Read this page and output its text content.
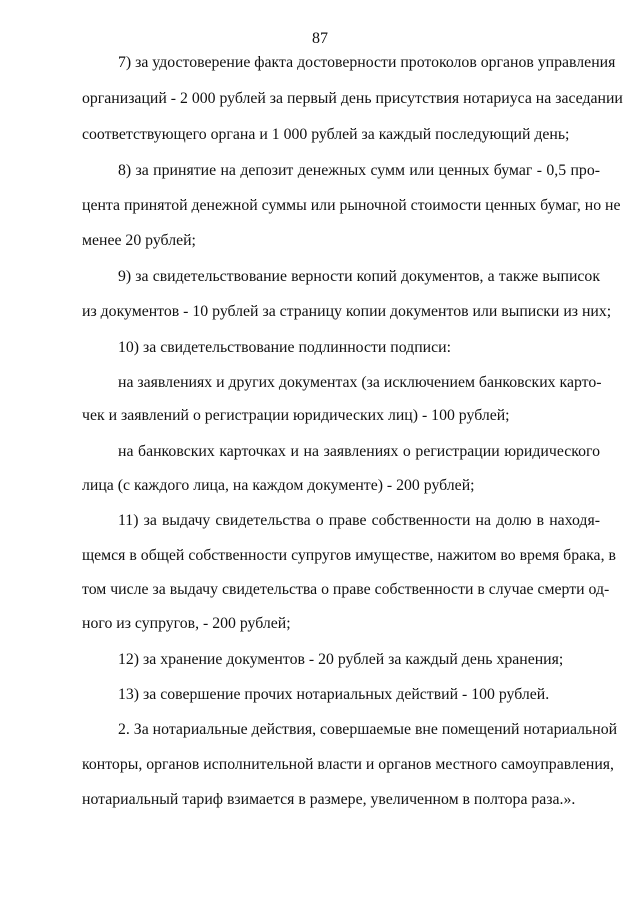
87
7) за удостоверение факта достоверности протоколов органов управления
организаций - 2 000 рублей за первый день присутствия нотариуса на заседании
соответствующего органа и 1 000 рублей за каждый последующий день;
8) за принятие на депозит денежных сумм или ценных бумаг - 0,5 про-
цента принятой денежной суммы или рыночной стоимости ценных бумаг, но не
менее 20 рублей;
9) за свидетельствование верности копий документов, а также выписок
из документов - 10 рублей за страницу копии документов или выписки из них;
10) за свидетельствование подлинности подписи:
на заявлениях и других документах (за исключением банковских карто-
чек и заявлений о регистрации юридических лиц) - 100 рублей;
на банковских карточках и на заявлениях о регистрации юридического
лица (с каждого лица, на каждом документе) - 200 рублей;
11) за выдачу свидетельства о праве собственности на долю в находя-
щемся в общей собственности супругов имуществе, нажитом во время брака, в
том числе за выдачу свидетельства о праве собственности в случае смерти од-
ного из супругов, - 200 рублей;
12) за хранение документов - 20 рублей за каждый день хранения;
13) за совершение прочих нотариальных действий - 100 рублей.
2. За нотариальные действия, совершаемые вне помещений нотариальной
конторы, органов исполнительной власти и органов местного самоуправления,
нотариальный тариф взимается в размере, увеличенном в полтора раза.».
